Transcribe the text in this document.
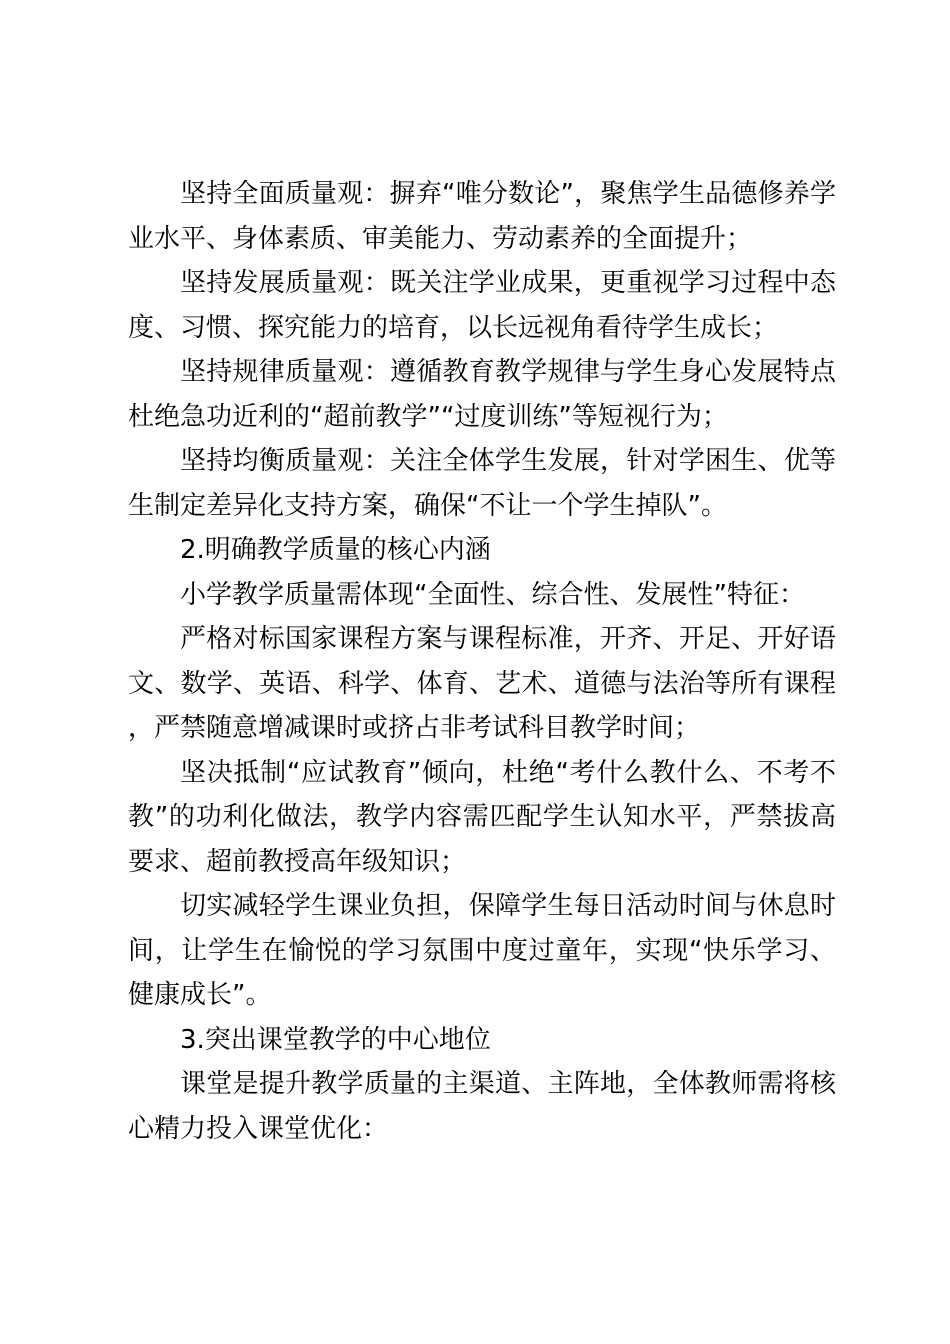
坚持全面质量观：摒弃“唯分数论”，聚焦学生品德修养学业水平、身体素质、审美能力、劳动素养的全面提升；

坚持发展质量观：既关注学业成果，更重视学习过程中态度、习惯、探究能力的培育，以长远视角看待学生成长；

坚持规律质量观：遵循教育教学规律与学生身心发展特点杜绝急功近利的“超前教学”“过度训练”等短视行为；

坚持均衡质量观：关注全体学生发展，针对学困生、优等生制定差异化支持方案，确保“不让一个学生掉队”。

2.明确教学质量的核心内涵

小学教学质量需体现“全面性、综合性、发展性”特征：

严格对标国家课程方案与课程标准，开齐、开足、开好语文、数学、英语、科学、体育、艺术、道德与法治等所有课程，严禁随意增减课时或挤占非考试科目教学时间；

坚决抵制“应试教育”倾向，杜绝“考什么教什么、不考不教”的功利化做法，教学内容需匹配学生认知水平，严禁拔高要求、超前教授高年级知识；

切实减轻学生课业负担，保障学生每日活动时间与休息时间，让学生在愉悦的学习氛围中度过童年，实现“快乐学习、健康成长”。

3.突出课堂教学的中心地位

课堂是提升教学质量的主渠道、主阵地，全体教师需将核心精力投入课堂优化：
